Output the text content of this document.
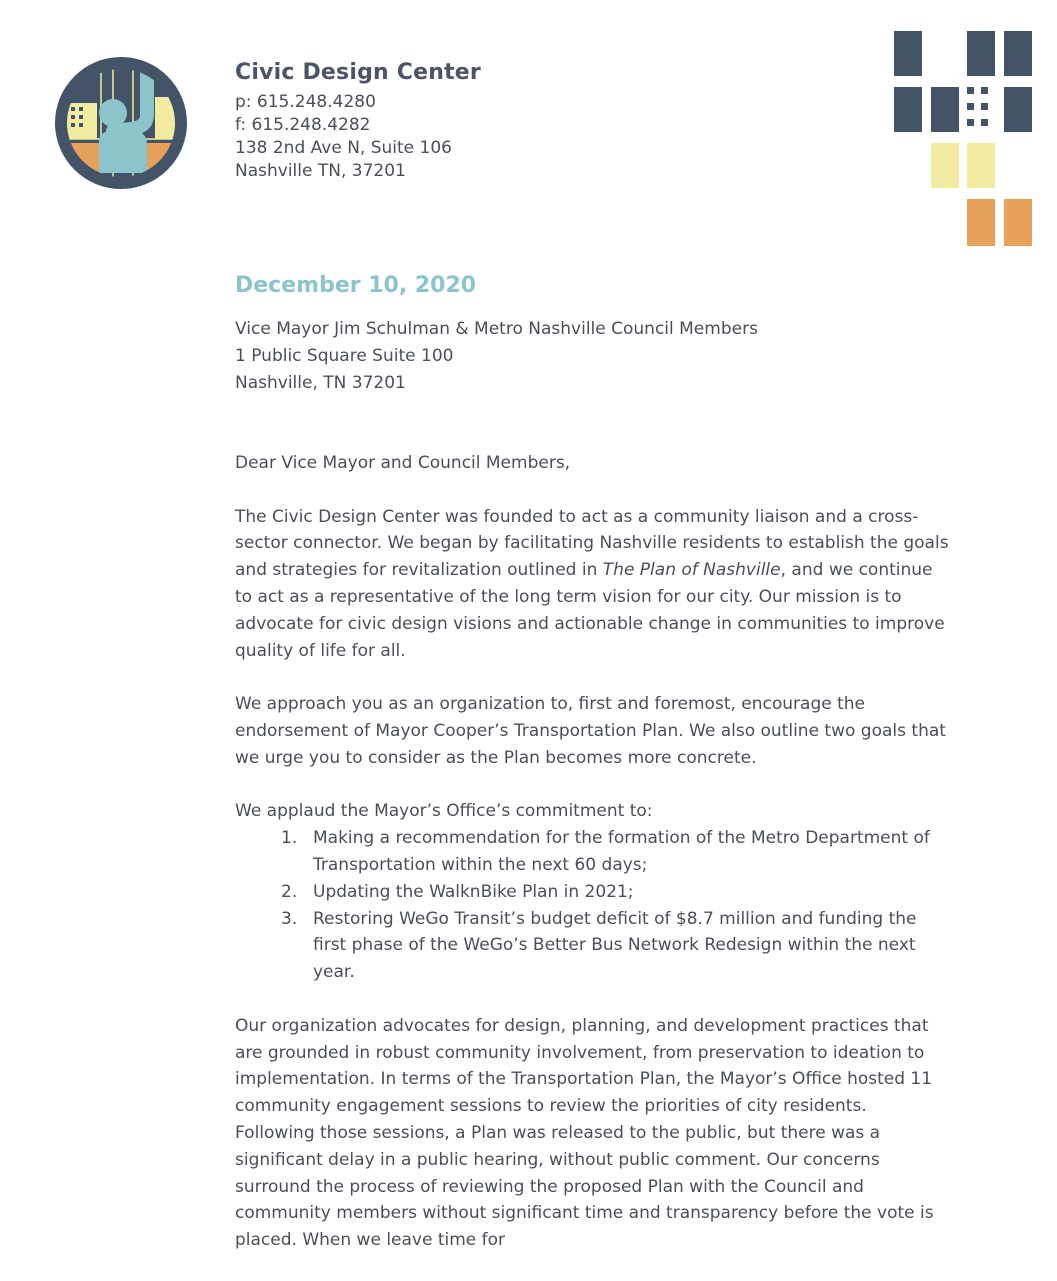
Civic Design Center
p: 615.248.4280
f: 615.248.4282
138 2nd Ave N, Suite 106
Nashville TN, 37201
December 10, 2020
Vice Mayor Jim Schulman & Metro Nashville Council Members
1 Public Square Suite 100
Nashville, TN 37201

Dear Vice Mayor and Council Members,

The Civic Design Center was founded to act as a community liaison and a cross-sector connector. We began by facilitating Nashville residents to establish the goals and strategies for revitalization outlined in The Plan of Nashville, and we continue to act as a representative of the long term vision for our city. Our mission is to advocate for civic design visions and actionable change in communities to improve quality of life for all.

We approach you as an organization to, first and foremost, encourage the endorsement of Mayor Cooper’s Transportation Plan. We also outline two goals that we urge you to consider as the Plan becomes more concrete.

We applaud the Mayor’s Office’s commitment to:

1. Making a recommendation for the formation of the Metro Department of Transportation within the next 60 days;
2. Updating the WalknBike Plan in 2021;
3. Restoring WeGo Transit’s budget deficit of $8.7 million and funding the first phase of the WeGo’s Better Bus Network Redesign within the next year.

Our organization advocates for design, planning, and development practices that are grounded in robust community involvement, from preservation to ideation to implementation. In terms of the Transportation Plan, the Mayor’s Office hosted 11 community engagement sessions to review the priorities of city residents. Following those sessions, a Plan was released to the public, but there was a significant delay in a public hearing, without public comment. Our concerns surround the process of reviewing the proposed Plan with the Council and community members without significant time and transparency before the vote is placed. When we leave time for
